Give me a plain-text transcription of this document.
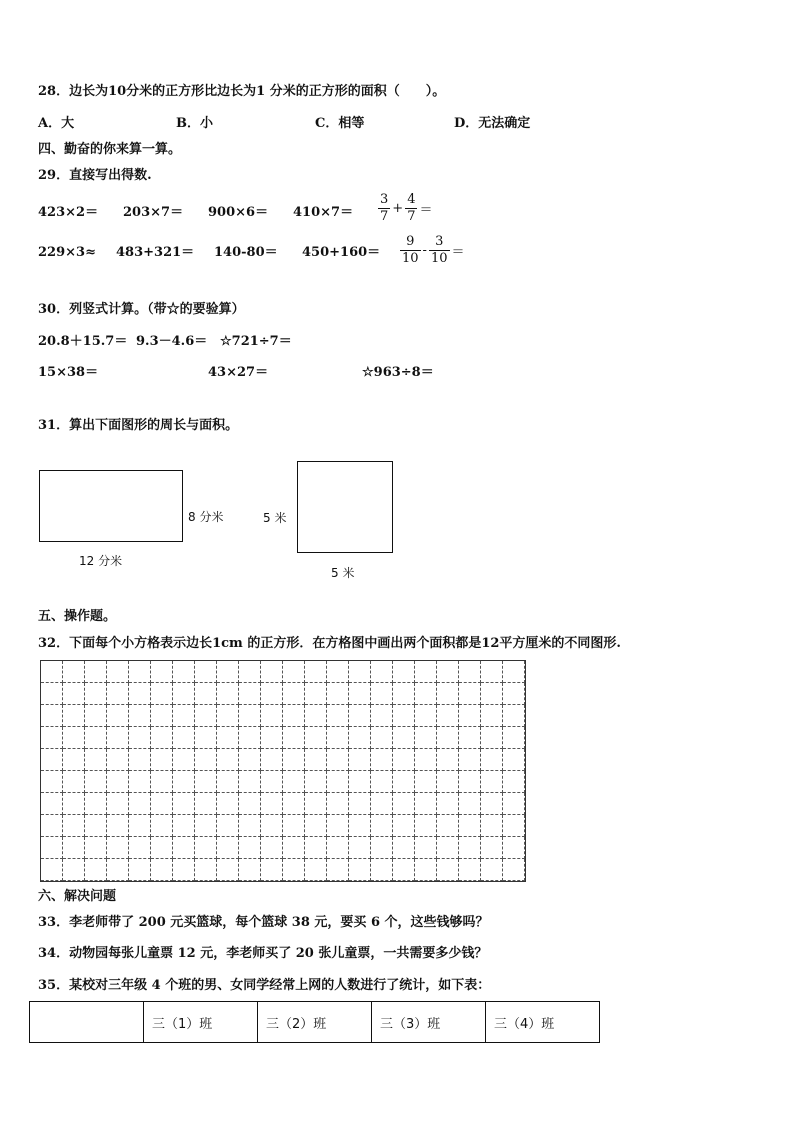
28．边长为10分米的正方形比边长为1 分米的正方形的面积（　　）。
A．大	B．小	C．相等	D．无法确定
四、勤奋的你来算一算。
29．直接写出得数.
$423\times 2= 203\times 7= 900\times 6= 410\times 7= \frac{3}{7} + \frac{4}{7}$ ＝
$229\times 3\approx 483+321= 140-80= 450+160= \frac{9}{10} - \frac{3}{10}$ ＝
30．列竖式计算。（带☆的要验算）
20.8＋15.7＝ 9.3－4.6＝ ☆721÷7＝
15×38＝	43×27＝	☆963÷8＝
31．算出下面图形的周长与面积。
8 分米
12 分米
5 米
5 米
五、操作题。
32．下面每个小方格表示边长1cm 的正方形．在方格图中画出两个面积都是12平方厘米的不同图形.
六、解决问题
33．李老师带了 200 元买篮球，每个篮球 38 元，要买 6 个，这些钱够吗？
34．动物园每张儿童票 12 元，李老师买了 20 张儿童票，一共需要多少钱？
35．某校对三年级 4 个班的男、女同学经常上网的人数进行了统计，如下表：
	三（1）班	三（2）班	三（3）班	三（4）班
